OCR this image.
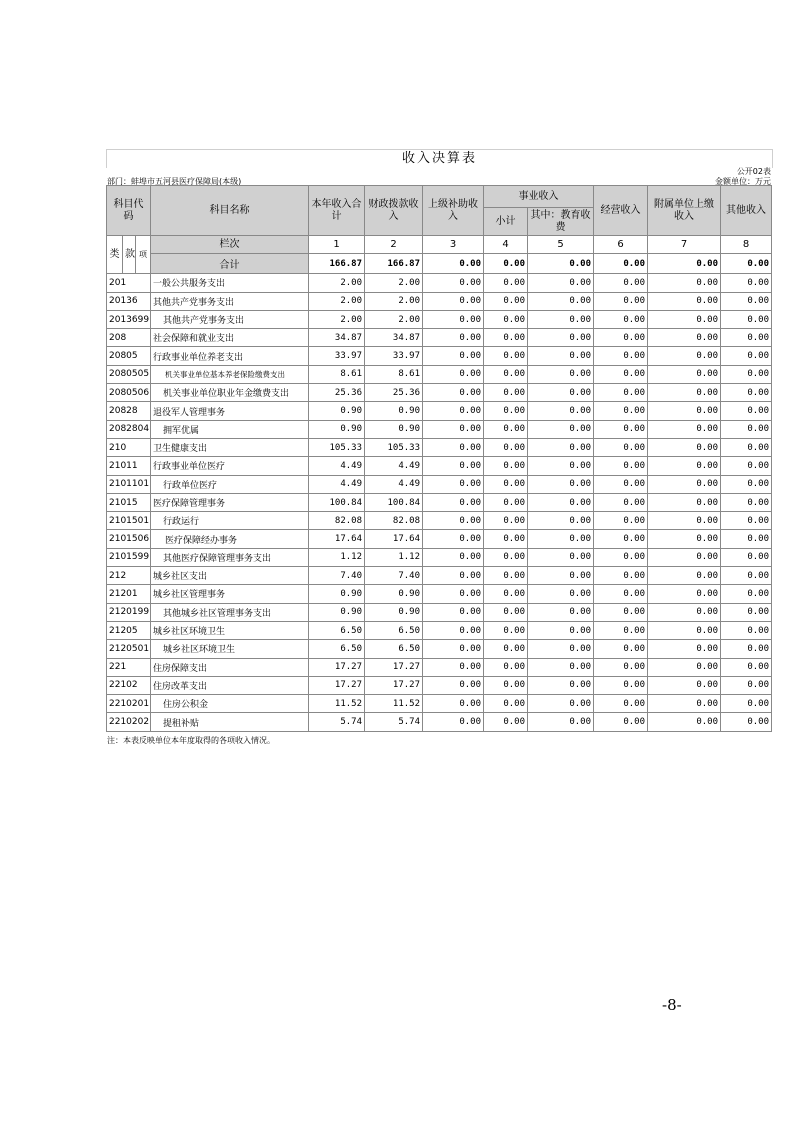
收入决算表
公开02表
部门：蚌埠市五河县医疗保障局(本级)	金额单位：万元
科目代码			科目名称	本年收入合计	财政拨款收入	上级补助收入	事业收入		经营收入	附属单位上缴收入	其他收入
							小计	其中：教育收费			
类	款	项	栏次	1	2	3	4	5	6	7	8
			合计	166.87	166.87	0.00	0.00	0.00	0.00	0.00	0.00
201			一般公共服务支出	2.00	2.00	0.00	0.00	0.00	0.00	0.00	0.00
20136			其他共产党事务支出	2.00	2.00	0.00	0.00	0.00	0.00	0.00	0.00
2013699			其他共产党事务支出	2.00	2.00	0.00	0.00	0.00	0.00	0.00	0.00
208			社会保障和就业支出	34.87	34.87	0.00	0.00	0.00	0.00	0.00	0.00
20805			行政事业单位养老支出	33.97	33.97	0.00	0.00	0.00	0.00	0.00	0.00
2080505			机关事业单位基本养老保险缴费支出	8.61	8.61	0.00	0.00	0.00	0.00	0.00	0.00
2080506			机关事业单位职业年金缴费支出	25.36	25.36	0.00	0.00	0.00	0.00	0.00	0.00
20828			退役军人管理事务	0.90	0.90	0.00	0.00	0.00	0.00	0.00	0.00
2082804			拥军优属	0.90	0.90	0.00	0.00	0.00	0.00	0.00	0.00
210			卫生健康支出	105.33	105.33	0.00	0.00	0.00	0.00	0.00	0.00
21011			行政事业单位医疗	4.49	4.49	0.00	0.00	0.00	0.00	0.00	0.00
2101101			行政单位医疗	4.49	4.49	0.00	0.00	0.00	0.00	0.00	0.00
21015			医疗保障管理事务	100.84	100.84	0.00	0.00	0.00	0.00	0.00	0.00
2101501			行政运行	82.08	82.08	0.00	0.00	0.00	0.00	0.00	0.00
2101506			医疗保障经办事务	17.64	17.64	0.00	0.00	0.00	0.00	0.00	0.00
2101599			其他医疗保障管理事务支出	1.12	1.12	0.00	0.00	0.00	0.00	0.00	0.00
212			城乡社区支出	7.40	7.40	0.00	0.00	0.00	0.00	0.00	0.00
21201			城乡社区管理事务	0.90	0.90	0.00	0.00	0.00	0.00	0.00	0.00
2120199			其他城乡社区管理事务支出	0.90	0.90	0.00	0.00	0.00	0.00	0.00	0.00
21205			城乡社区环境卫生	6.50	6.50	0.00	0.00	0.00	0.00	0.00	0.00
2120501			城乡社区环境卫生	6.50	6.50	0.00	0.00	0.00	0.00	0.00	0.00
221			住房保障支出	17.27	17.27	0.00	0.00	0.00	0.00	0.00	0.00
22102			住房改革支出	17.27	17.27	0.00	0.00	0.00	0.00	0.00	0.00
2210201			住房公积金	11.52	11.52	0.00	0.00	0.00	0.00	0.00	0.00
2210202			提租补贴	5.74	5.74	0.00	0.00	0.00	0.00	0.00	0.00
注：本表反映单位本年度取得的各项收入情况。
-8-
